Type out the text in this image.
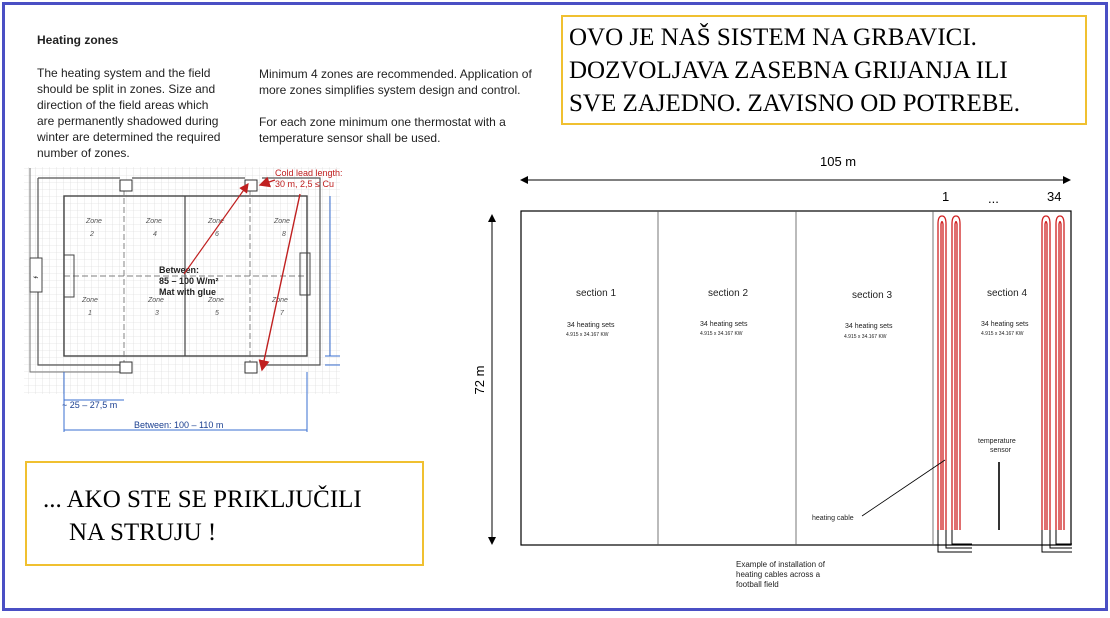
Heating zones
The heating system and the field
should be split in zones. Size and
direction of the field areas which
are permanently shadowed during
winter are determined the required
number of zones.
Minimum 4 zones are recommended. Application of
more zones simplifies system design and control.
For each zone minimum one thermostat with a
temperature sensor shall be used.
OVO JE NAŠ SISTEM NA GRBAVICI.
DOZVOLJAVA ZASEBNA GRIJANJA ILI
SVE ZAJEDNO. ZAVISNO OD POTREBE.
... AKO STE SE PRIKLJUČILI
NA STRUJU !
⌁
Zone	Zone	Zone	Zone
2	4	6	8
Zone	Zone	Zone	Zone
1	3	5	7
Between:
85 – 100 W/m²
Mat with glue
Cold lead length:
30 m, 2,5 ≤ Cu
~ 25 – 27,5 m
Between: 100 – 110 m
105 m
72 m
1	...	34
section 1
34 heating sets
4.915 x 34.167 KW
section 2
34 heating sets
4.915 x 34.167 KW
section 3
34 heating sets
4.915 x 34.167 KW
section 4
34 heating sets
4.915 x 34.167 KW
temperature
sensor
heating cable
Example of installation of
heating cables across a
football field
